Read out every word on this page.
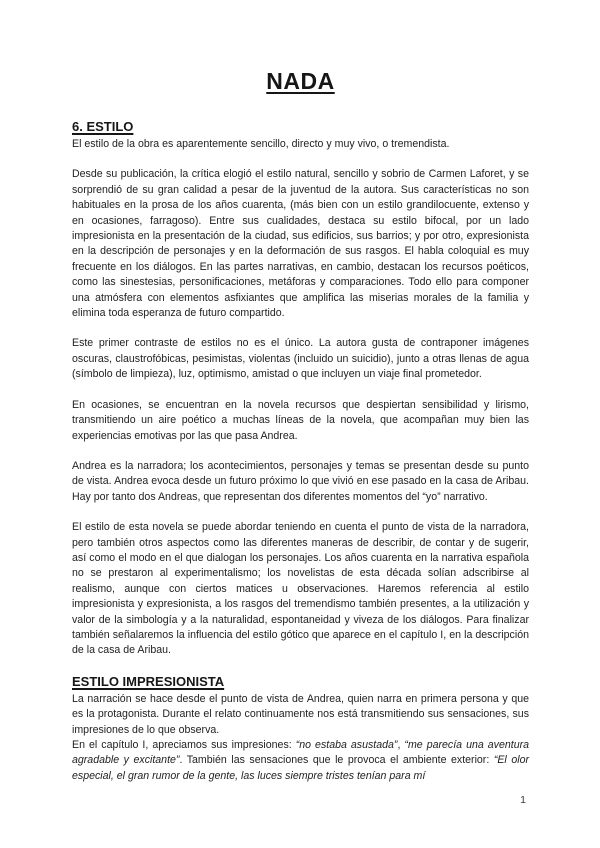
NADA
6. ESTILO

El estilo de la obra es aparentemente sencillo, directo y muy vivo, o tremendista.

Desde su publicación, la crítica elogió el estilo natural, sencillo y sobrio de Carmen Laforet, y se sorprendió de su gran calidad a pesar de la juventud de la autora. Sus características no son habituales en la prosa de los años cuarenta, (más bien con un estilo grandilocuente, extenso y en ocasiones, farragoso). Entre sus cualidades, destaca su estilo bifocal, por un lado impresionista en la presentación de la ciudad, sus edificios, sus barrios; y por otro, expresionista en la descripción de personajes y en la deformación de sus rasgos. El habla coloquial es muy frecuente en los diálogos. En las partes narrativas, en cambio, destacan los recursos poéticos, como las sinestesias, personificaciones, metáforas y comparaciones. Todo ello para componer una atmósfera con elementos asfixiantes que amplifica las miserias morales de la familia y elimina toda esperanza de futuro compartido.

Este primer contraste de estilos no es el único. La autora gusta de contraponer imágenes oscuras, claustrofóbicas, pesimistas, violentas (incluido un suicidio), junto a otras llenas de agua (símbolo de limpieza), luz, optimismo, amistad o que incluyen un viaje final prometedor.

En ocasiones, se encuentran en la novela recursos que despiertan sensibilidad y lirismo, transmitiendo un aire poético a muchas líneas de la novela, que acompañan muy bien las experiencias emotivas por las que pasa Andrea.

Andrea es la narradora; los acontecimientos, personajes y temas se presentan desde su punto de vista. Andrea evoca desde un futuro próximo lo que vivió en ese pasado en la casa de Aribau. Hay por tanto dos Andreas, que representan dos diferentes momentos del “yo” narrativo.

El estilo de esta novela se puede abordar teniendo en cuenta el punto de vista de la narradora, pero también otros aspectos como las diferentes maneras de describir, de contar y de sugerir, así como el modo en el que dialogan los personajes. Los años cuarenta en la narrativa española no se prestaron al experimentalismo; los novelistas de esta década solían adscribirse al realismo, aunque con ciertos matices u observaciones. Haremos referencia al estilo impresionista y expresionista, a los rasgos del tremendismo también presentes, a la utilización y valor de la simbología y a la naturalidad, espontaneidad y viveza de los diálogos. Para finalizar también señalaremos la influencia del estilo gótico que aparece en el capítulo I, en la descripción de la casa de Aribau.

ESTILO IMPRESIONISTA

La narración se hace desde el punto de vista de Andrea, quien narra en primera persona y que es la protagonista. Durante el relato continuamente nos está transmitiendo sus sensaciones, sus impresiones de lo que observa.

En el capítulo I, apreciamos sus impresiones: “no estaba asustada”, “me parecía una aventura agradable y excitante”. También las sensaciones que le provoca el ambiente exterior: “El olor especial, el gran rumor de la gente, las luces siempre tristes tenían para mí

1
